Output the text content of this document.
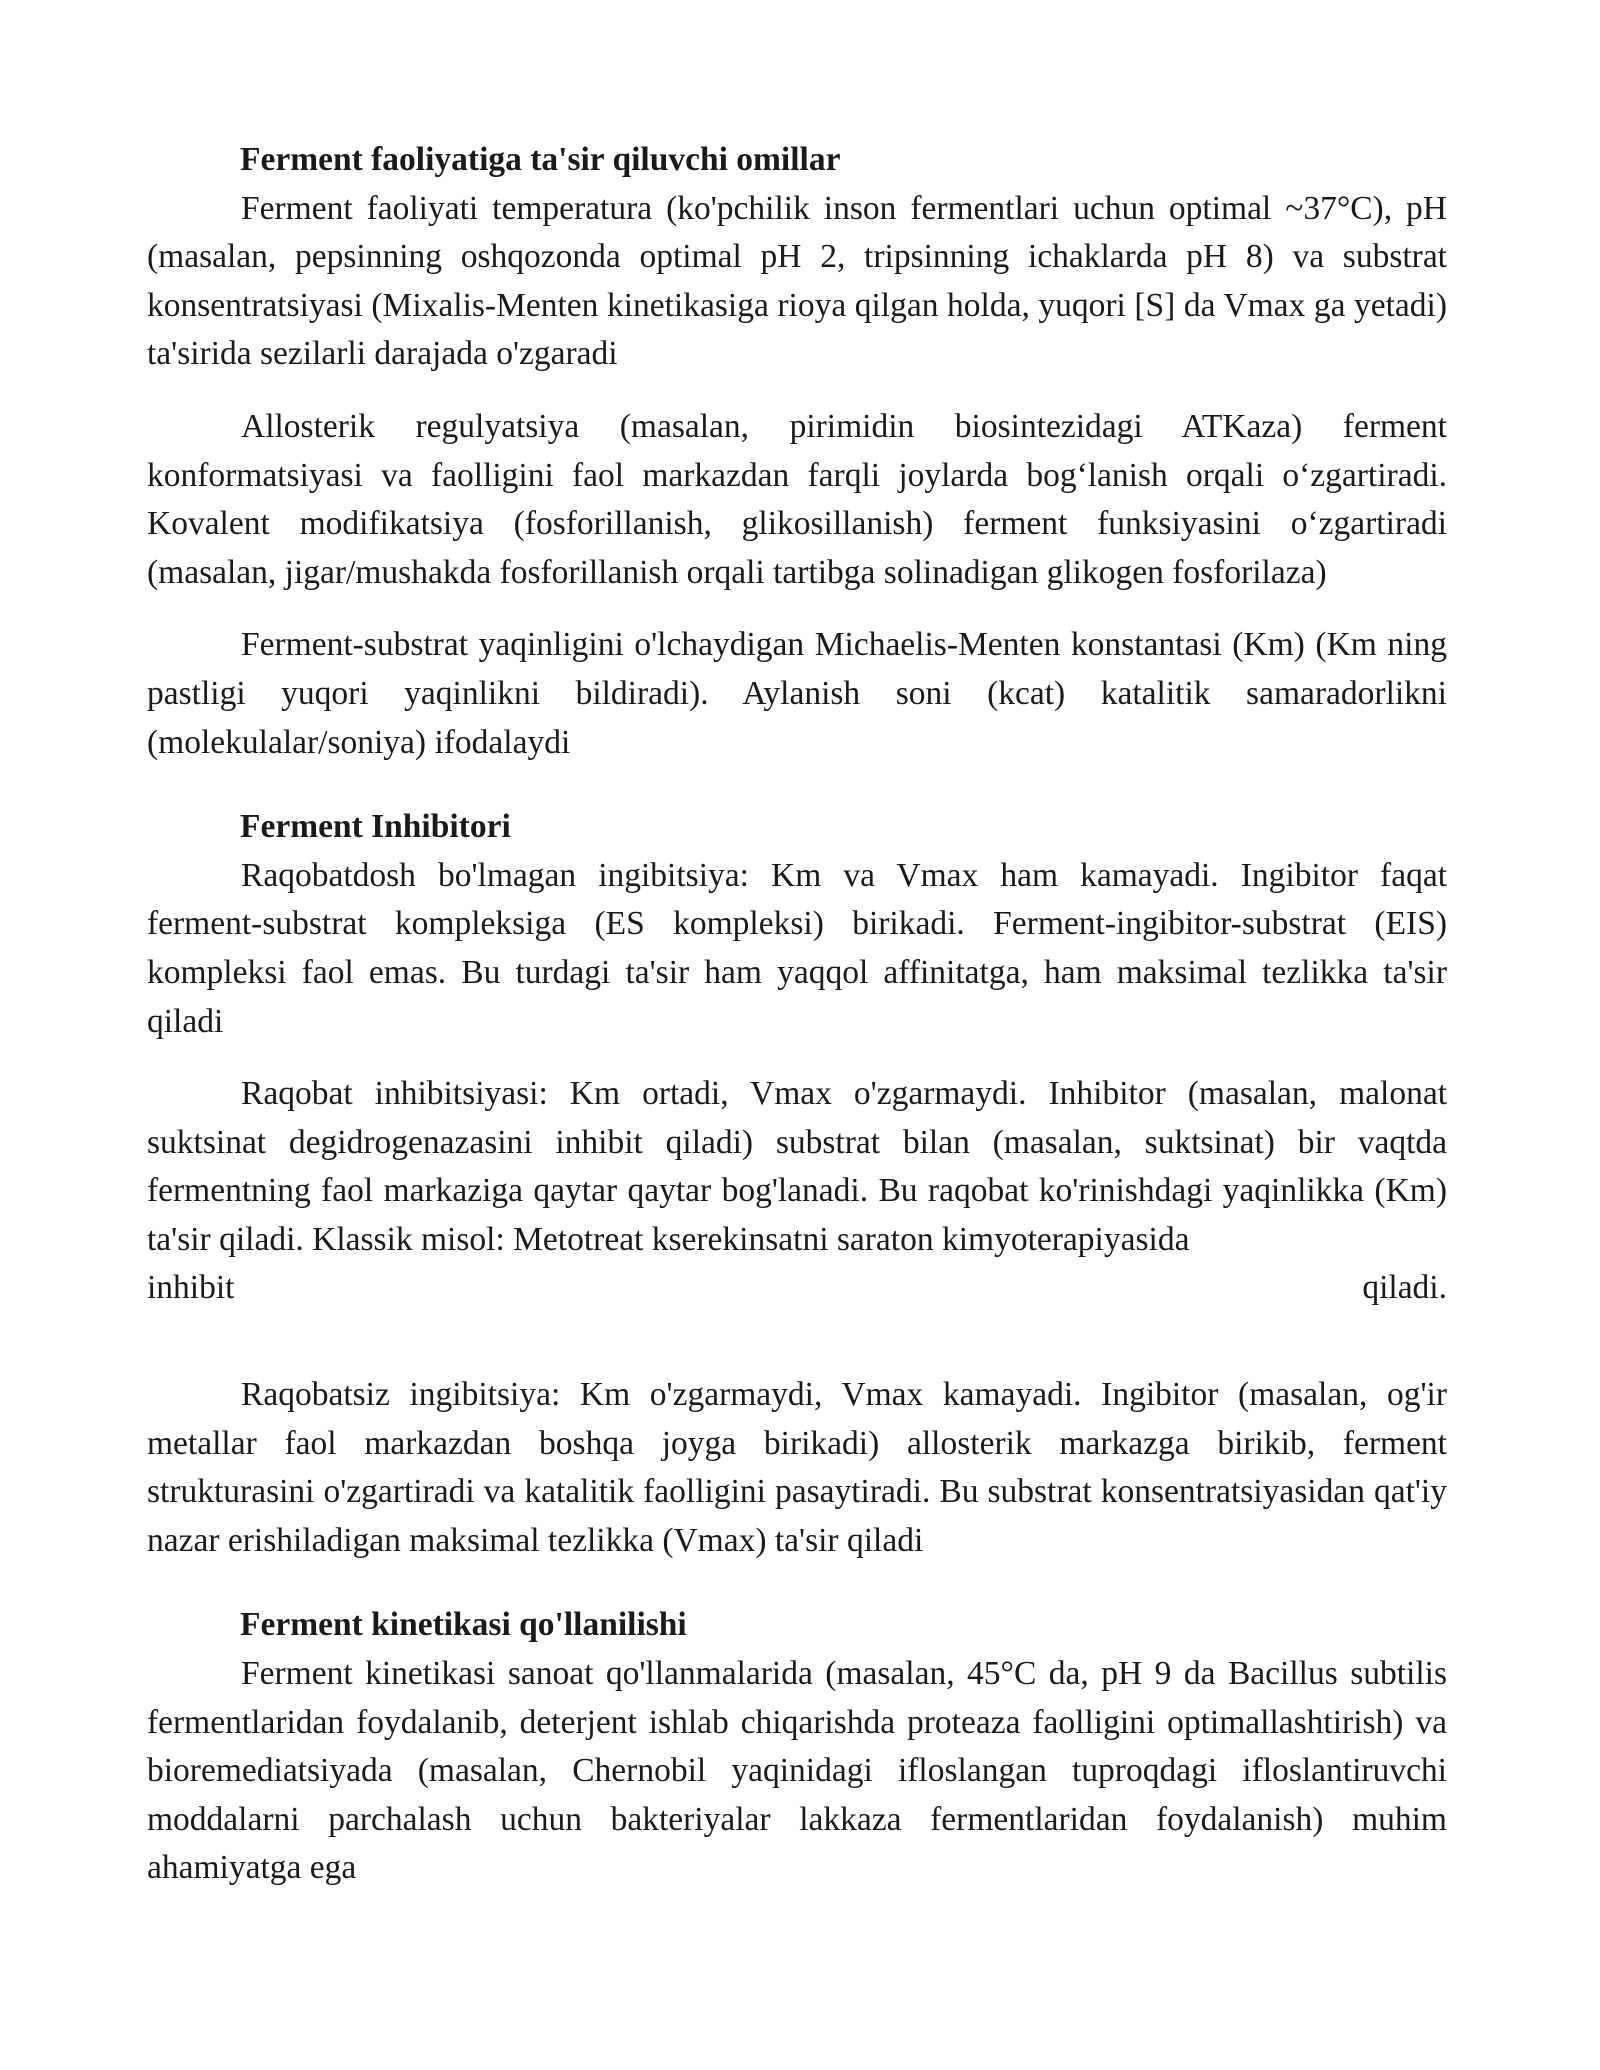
Ferment faoliyatiga ta'sir qiluvchi omillar

Ferment faoliyati temperatura (ko'pchilik inson fermentlari uchun optimal ~37°C), pH (masalan, pepsinning oshqozonda optimal pH 2, tripsinning ichaklarda pH 8) va substrat konsentratsiyasi (Mixalis-Menten kinetikasiga rioya qilgan holda, yuqori [S] da Vmax ga yetadi) ta'sirida sezilarli darajada o'zgaradi

Allosterik regulyatsiya (masalan, pirimidin biosintezidagi ATKaza) ferment konformatsiyasi va faolligini faol markazdan farqli joylarda bog‘lanish orqali o‘zgartiradi. Kovalent modifikatsiya (fosforillanish, glikosillanish) ferment funksiyasini o‘zgartiradi (masalan, jigar/mushakda fosforillanish orqali tartibga solinadigan glikogen fosforilaza)

Ferment-substrat yaqinligini o'lchaydigan Michaelis-Menten konstantasi (Km) (Km ning pastligi yuqori yaqinlikni bildiradi). Aylanish soni (kcat) katalitik samaradorlikni (molekulalar/soniya) ifodalaydi

Ferment Inhibitori

Raqobatdosh bo'lmagan ingibitsiya: Km va Vmax ham kamayadi. Ingibitor faqat ferment-substrat kompleksiga (ES kompleksi) birikadi. Ferment-ingibitor-substrat (EIS) kompleksi faol emas. Bu turdagi ta'sir ham yaqqol affinitatga, ham maksimal tezlikka ta'sir qiladi

Raqobat inhibitsiyasi: Km ortadi, Vmax o'zgarmaydi. Inhibitor (masalan, malonat suktsinat degidrogenazasini inhibit qiladi) substrat bilan (masalan, suktsinat) bir vaqtda fermentning faol markaziga qaytar qaytar bog'lanadi. Bu raqobat ko'rinishdagi yaqinlikka (Km) ta'sir qiladi. Klassik misol: Metotreat kserekinsatni saraton kimyoterapiyasida

inhibit	qiladi.

Raqobatsiz ingibitsiya: Km o'zgarmaydi, Vmax kamayadi. Ingibitor (masalan, og'ir metallar faol markazdan boshqa joyga birikadi) allosterik markazga birikib, ferment strukturasini o'zgartiradi va katalitik faolligini pasaytiradi. Bu substrat konsentratsiyasidan qat'iy nazar erishiladigan maksimal tezlikka (Vmax) ta'sir qiladi

Ferment kinetikasi qo'llanilishi

Ferment kinetikasi sanoat qo'llanmalarida (masalan, 45°C da, pH 9 da Bacillus subtilis fermentlaridan foydalanib, deterjent ishlab chiqarishda proteaza faolligini optimallashtirish) va bioremediatsiyada (masalan, Chernobil yaqinidagi ifloslangan tuproqdagi ifloslantiruvchi moddalarni parchalash uchun bakteriyalar lakkaza fermentlaridan foydalanish) muhim ahamiyatga ega
